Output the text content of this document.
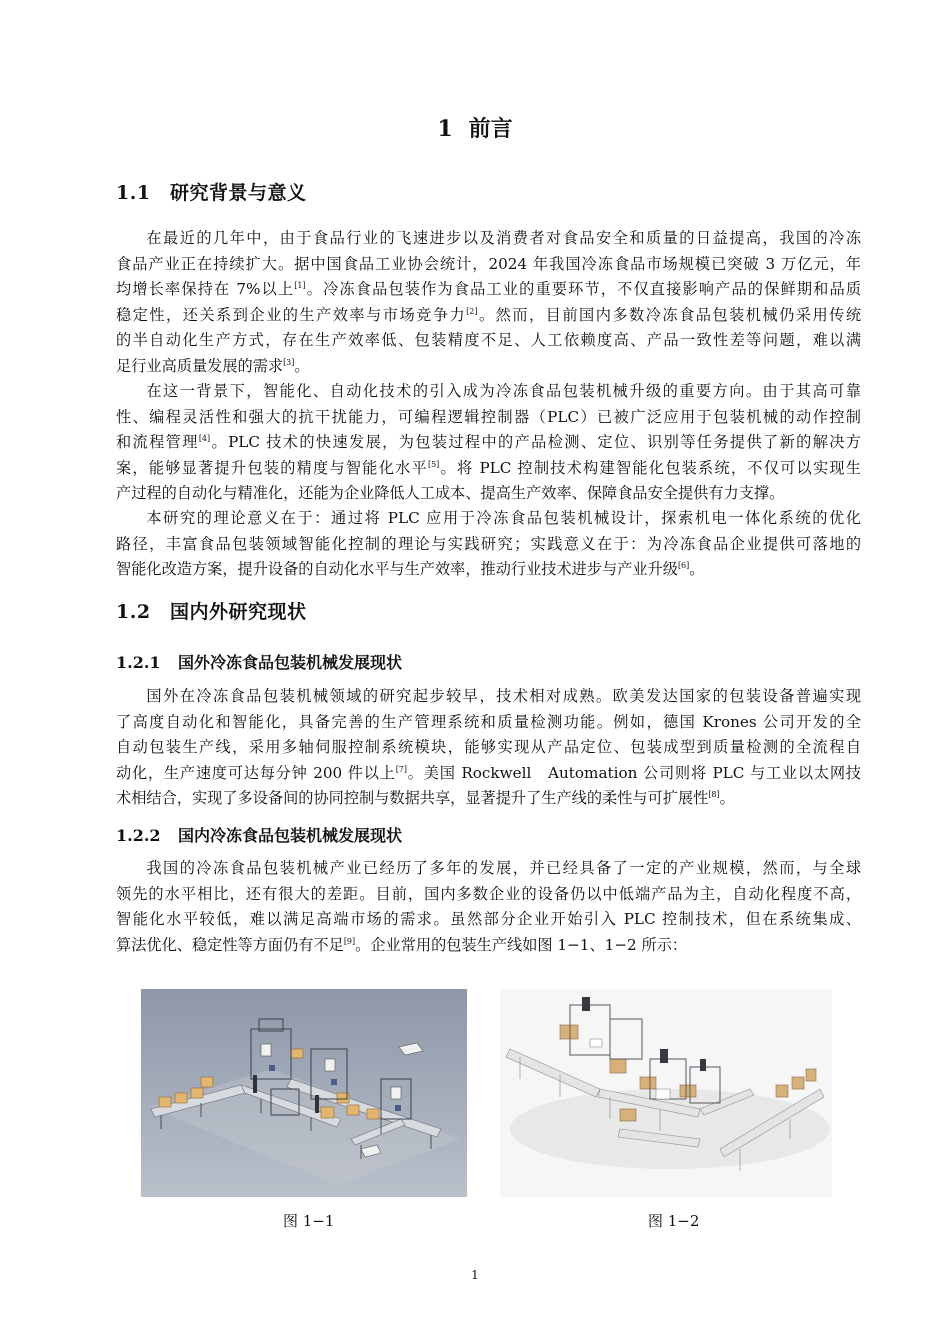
1 前言
1.1 研究背景与意义

在最近的几年中，由于食品行业的飞速进步以及消费者对食品安全和质量的日益提高，我国的冷冻
食品产业正在持续扩大。据中国食品工业协会统计，2024 年我国冷冻食品市场规模已突破 3 万亿元，年
均增长率保持在 7%以上[1]。冷冻食品包装作为食品工业的重要环节，不仅直接影响产品的保鲜期和品质
稳定性，还关系到企业的生产效率与市场竞争力[2]。然而，目前国内多数冷冻食品包装机械仍采用传统
的半自动化生产方式，存在生产效率低、包装精度不足、人工依赖度高、产品一致性差等问题，难以满
足行业高质量发展的需求[3]。

在这一背景下，智能化、自动化技术的引入成为冷冻食品包装机械升级的重要方向。由于其高可靠
性、编程灵活性和强大的抗干扰能力，可编程逻辑控制器（PLC）已被广泛应用于包装机械的动作控制
和流程管理[4]。PLC 技术的快速发展，为包装过程中的产品检测、定位、识别等任务提供了新的解决方
案，能够显著提升包装的精度与智能化水平[5]。将 PLC 控制技术构建智能化包装系统，不仅可以实现生
产过程的自动化与精准化，还能为企业降低人工成本、提高生产效率、保障食品安全提供有力支撑。

本研究的理论意义在于：通过将 PLC 应用于冷冻食品包装机械设计，探索机电一体化系统的优化
路径，丰富食品包装领域智能化控制的理论与实践研究；实践意义在于：为冷冻食品企业提供可落地的
智能化改造方案，提升设备的自动化水平与生产效率，推动行业技术进步与产业升级[6]。

1.2 国内外研究现状
1.2.1 国外冷冻食品包装机械发展现状

国外在冷冻食品包装机械领域的研究起步较早，技术相对成熟。欧美发达国家的包装设备普遍实现
了高度自动化和智能化，具备完善的生产管理系统和质量检测功能。例如，德国 Krones 公司开发的全
自动包装生产线，采用多轴伺服控制系统模块，能够实现从产品定位、包装成型到质量检测的全流程自
动化，生产速度可达每分钟 200 件以上[7]。美国 Rockwell　Automation 公司则将 PLC 与工业以太网技
术相结合，实现了多设备间的协同控制与数据共享，显著提升了生产线的柔性与可扩展性[8]。

1.2.2 国内冷冻食品包装机械发展现状

我国的冷冻食品包装机械产业已经历了多年的发展，并已经具备了一定的产业规模，然而，与全球
领先的水平相比，还有很大的差距。目前，国内多数企业的设备仍以中低端产品为主，自动化程度不高，
智能化水平较低，难以满足高端市场的需求。虽然部分企业开始引入 PLC 控制技术，但在系统集成、
算法优化、稳定性等方面仍有不足[9]。企业常用的包装生产线如图 1−1、1−2 所示：

图 1−1	图 1−2
1
